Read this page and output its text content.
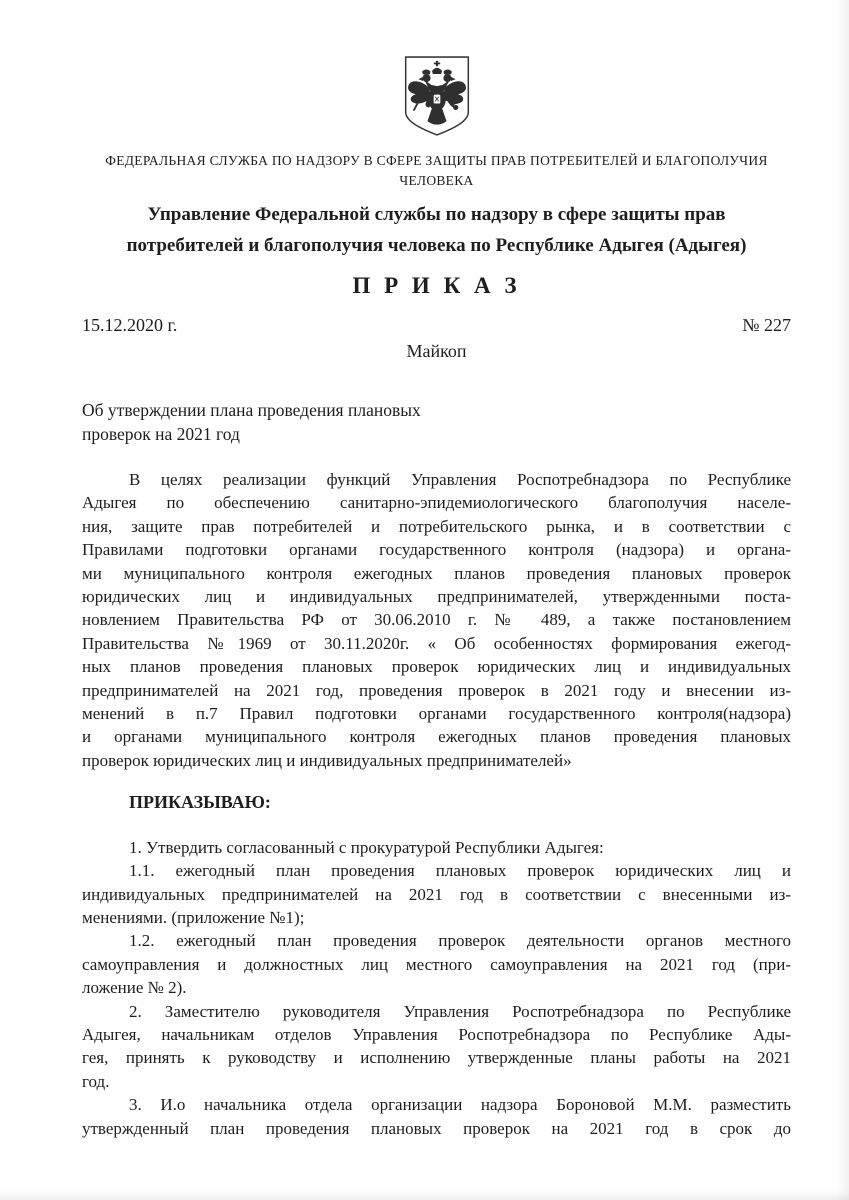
ФЕДЕРАЛЬНАЯ СЛУЖБА ПО НАДЗОРУ В СФЕРЕ ЗАЩИТЫ ПРАВ ПОТРЕБИТЕЛЕЙ И БЛАГОПОЛУЧИЯ
ЧЕЛОВЕКА
Управление Федеральной службы по надзору в сфере защиты прав
потребителей и благополучия человека по Республике Адыгея (Адыгея)
П Р И К А З
15.12.2020 г.	№ 227
Майкоп
Об утверждении плана проведения плановых
проверок на 2021 год
В целях реализации функций Управления Роспотребнадзора по Республике
Адыгея по обеспечению санитарно-эпидемиологического благополучия населе-
ния, защите прав потребителей и потребительского рынка, и в соответствии с
Правилами подготовки органами государственного контроля (надзора) и органа-
ми муниципального контроля ежегодных планов проведения плановых проверок
юридических лиц и индивидуальных предпринимателей, утвержденными поста-
новлением Правительства РФ от 30.06.2010 г. № 489, а также постановлением
Правительства №1969 от 30.11.2020г. « Об особенностях формирования ежегод-
ных планов проведения плановых проверок юридических лиц и индивидуальных
предпринимателей на 2021 год, проведения проверок в 2021 году и внесении из-
менений в п.7 Правил подготовки органами государственного контроля(надзора)
и органами муниципального контроля ежегодных планов проведения плановых
проверок юридических лиц и индивидуальных предпринимателей»
ПРИКАЗЫВАЮ:
1. Утвердить согласованный с прокуратурой Республики Адыгея:
1.1. ежегодный план проведения плановых проверок юридических лиц и
индивидуальных предпринимателей на 2021 год в соответствии с внесенными из-
менениями. (приложение №1);
1.2. ежегодный план проведения проверок деятельности органов местного
самоуправления и должностных лиц местного самоуправления на 2021 год (при-
ложение № 2).
2. Заместителю руководителя Управления Роспотребнадзора по Республике
Адыгея, начальникам отделов Управления Роспотребнадзора по Республике Ады-
гея, принять к руководству и исполнению утвержденные планы работы на 2021
год.
3. И.о начальника отдела организации надзора Бороновой М.М. разместить
утвержденный план проведения плановых проверок на 2021 год в срок до
